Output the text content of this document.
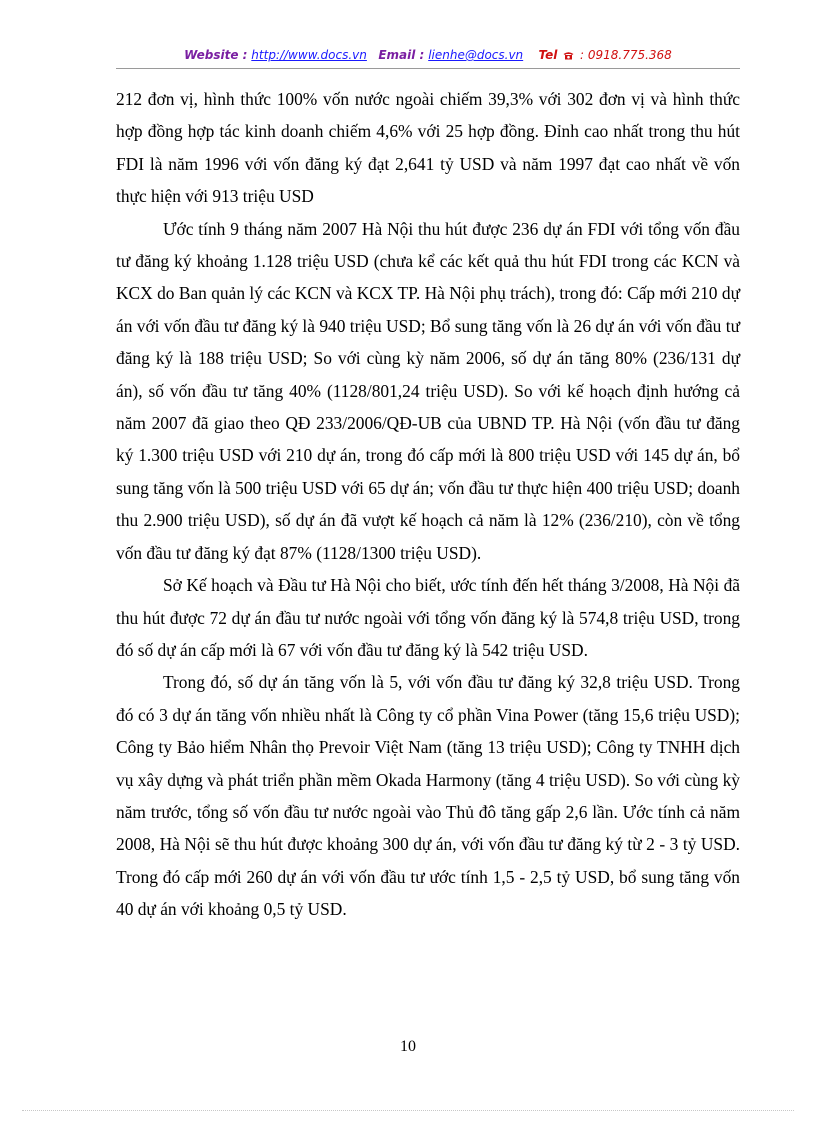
Website : http://www.docs.vn Email : lienhe@docs.vn Tel : 0918.775.368

212 đơn vị, hình thức 100% vốn nước ngoài chiếm 39,3% với 302 đơn vị và hình thức hợp đồng hợp tác kinh doanh chiếm 4,6% với 25 hợp đồng. Đỉnh cao nhất trong thu hút FDI là năm 1996 với vốn đăng ký đạt 2,641 tỷ USD và năm 1997 đạt cao nhất về vốn thực hiện với 913 triệu USD

Ước tính 9 tháng năm 2007 Hà Nội thu hút được 236 dự án FDI với tổng vốn đầu tư đăng ký khoảng 1.128 triệu USD (chưa kể các kết quả thu hút FDI trong các KCN và KCX do Ban quản lý các KCN và KCX TP. Hà Nội phụ trách), trong đó: Cấp mới 210 dự án với vốn đầu tư đăng ký là 940 triệu USD; Bổ sung tăng vốn là 26 dự án với vốn đầu tư đăng ký là 188 triệu USD; So với cùng kỳ năm 2006, số dự án tăng 80% (236/131 dự án), số vốn đầu tư tăng 40% (1128/801,24 triệu USD). So với kế hoạch định hướng cả năm 2007 đã giao theo QĐ 233/2006/QĐ-UB của UBND TP. Hà Nội (vốn đầu tư đăng ký 1.300 triệu USD với 210 dự án, trong đó cấp mới là 800 triệu USD với 145 dự án, bổ sung tăng vốn là 500 triệu USD với 65 dự án; vốn đầu tư thực hiện 400 triệu USD; doanh thu 2.900 triệu USD), số dự án đã vượt kế hoạch cả năm là 12% (236/210), còn về tổng vốn đầu tư đăng ký đạt 87% (1128/1300 triệu USD).

Sở Kế hoạch và Đầu tư Hà Nội cho biết, ước tính đến hết tháng 3/2008, Hà Nội đã thu hút được 72 dự án đầu tư nước ngoài với tổng vốn đăng ký là 574,8 triệu USD, trong đó số dự án cấp mới là 67 với vốn đầu tư đăng ký là 542 triệu USD.

Trong đó, số dự án tăng vốn là 5, với vốn đầu tư đăng ký 32,8 triệu USD. Trong đó có 3 dự án tăng vốn nhiều nhất là Công ty cổ phần Vina Power (tăng 15,6 triệu USD); Công ty Bảo hiểm Nhân thọ Prevoir Việt Nam (tăng 13 triệu USD); Công ty TNHH dịch vụ xây dựng và phát triển phần mềm Okada Harmony (tăng 4 triệu USD). So với cùng kỳ năm trước, tổng số vốn đầu tư nước ngoài vào Thủ đô tăng gấp 2,6 lần. Ước tính cả năm 2008, Hà Nội sẽ thu hút được khoảng 300 dự án, với vốn đầu tư đăng ký từ 2 - 3 tỷ USD. Trong đó cấp mới 260 dự án với vốn đầu tư ước tính 1,5 - 2,5 tỷ USD, bổ sung tăng vốn 40 dự án với khoảng 0,5 tỷ USD.

10
